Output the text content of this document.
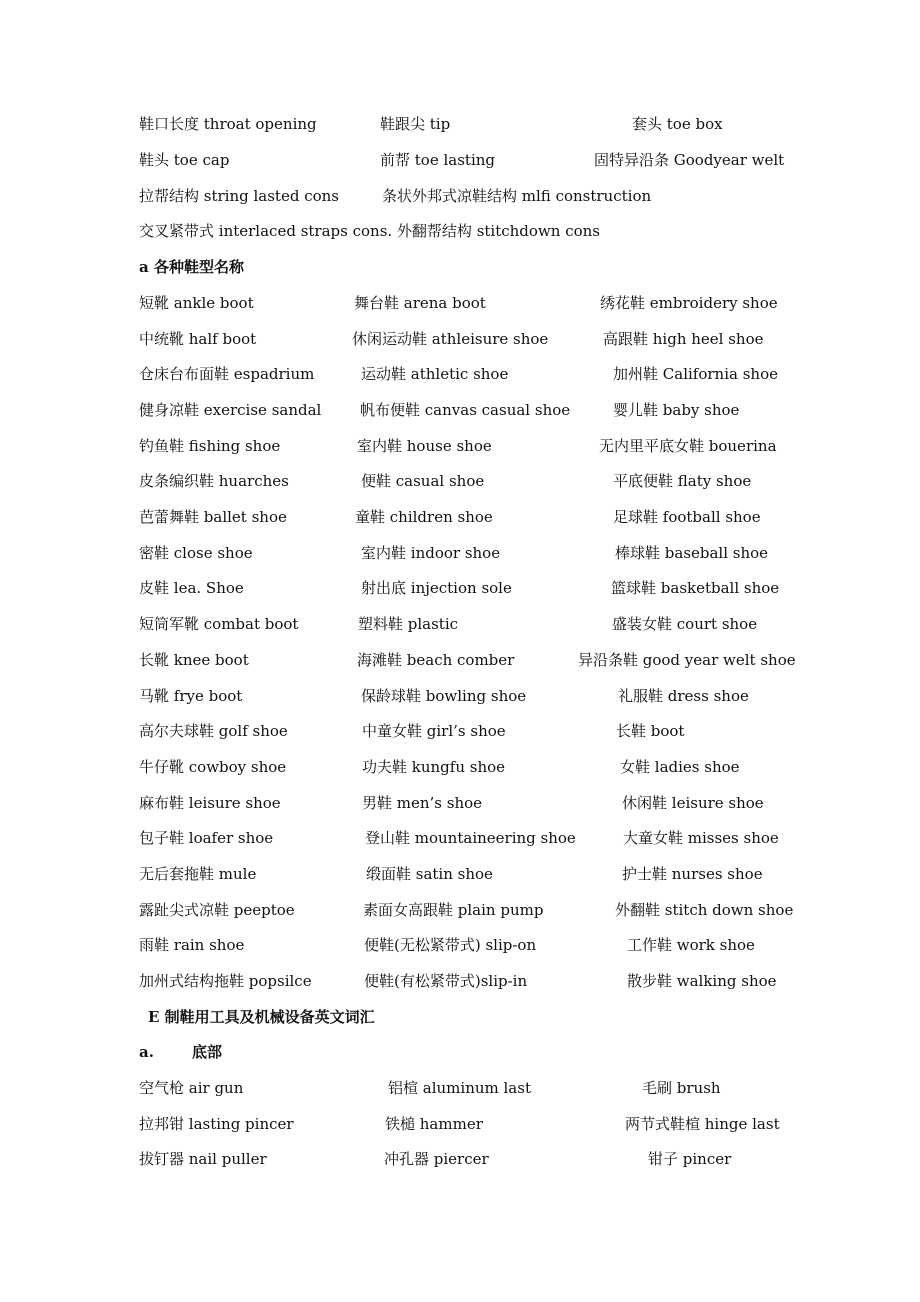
鞋口长度 throat opening	鞋跟尖 tip	套头 toe box
鞋头 toe cap	前帮 toe lasting	固特异沿条 Goodyear welt
拉帮结构 string lasted cons	条状外邦式凉鞋结构 mlfi construction
交叉紧带式 interlaced straps cons. 外翻帮结构 stitchdown cons
a 各种鞋型名称
短靴 ankle boot	舞台鞋 arena boot	绣花鞋 embroidery shoe
中统靴 half boot	休闲运动鞋 athleisure shoe	高跟鞋 high heel shoe
仓床台布面鞋 espadrium	运动鞋 athletic shoe	加州鞋 California shoe
健身凉鞋 exercise sandal	帆布便鞋 canvas casual shoe	婴儿鞋 baby shoe
钓鱼鞋 fishing shoe	室内鞋 house shoe	无内里平底女鞋 bouerina
皮条编织鞋 huarches	便鞋 casual shoe	平底便鞋 flaty shoe
芭蕾舞鞋 ballet shoe	童鞋 children shoe	足球鞋 football shoe
密鞋 close shoe	室内鞋 indoor shoe	棒球鞋 baseball shoe
皮鞋 lea. Shoe	射出底 injection sole	篮球鞋 basketball shoe
短筒军靴 combat boot	塑料鞋 plastic	盛装女鞋 court shoe
长靴 knee boot	海滩鞋 beach comber	异沿条鞋 good year welt shoe
马靴 frye boot	保龄球鞋 bowling shoe	礼服鞋 dress shoe
高尔夫球鞋 golf shoe	中童女鞋 girl’s shoe	长鞋 boot
牛仔靴 cowboy shoe	功夫鞋 kungfu shoe	女鞋 ladies shoe
麻布鞋 leisure shoe	男鞋 men’s shoe	休闲鞋 leisure shoe
包子鞋 loafer shoe	登山鞋 mountaineering shoe	大童女鞋 misses shoe
无后套拖鞋 mule	缎面鞋 satin shoe	护士鞋 nurses shoe
露趾尖式凉鞋 peeptoe	素面女高跟鞋 plain pump	外翻鞋 stitch down shoe
雨鞋 rain shoe	便鞋(无松紧带式) slip-on	工作鞋 work shoe
加州式结构拖鞋 popsilce	便鞋(有松紧带式)slip-in	散步鞋 walking shoe
E 制鞋用工具及机械设备英文词汇
a.	底部
空气枪 air gun	铝楦 aluminum last	毛刷 brush
拉邦钳 lasting pincer	铁槌 hammer	两节式鞋楦 hinge last
拔钉器 nail puller	冲孔器 piercer	钳子 pincer
